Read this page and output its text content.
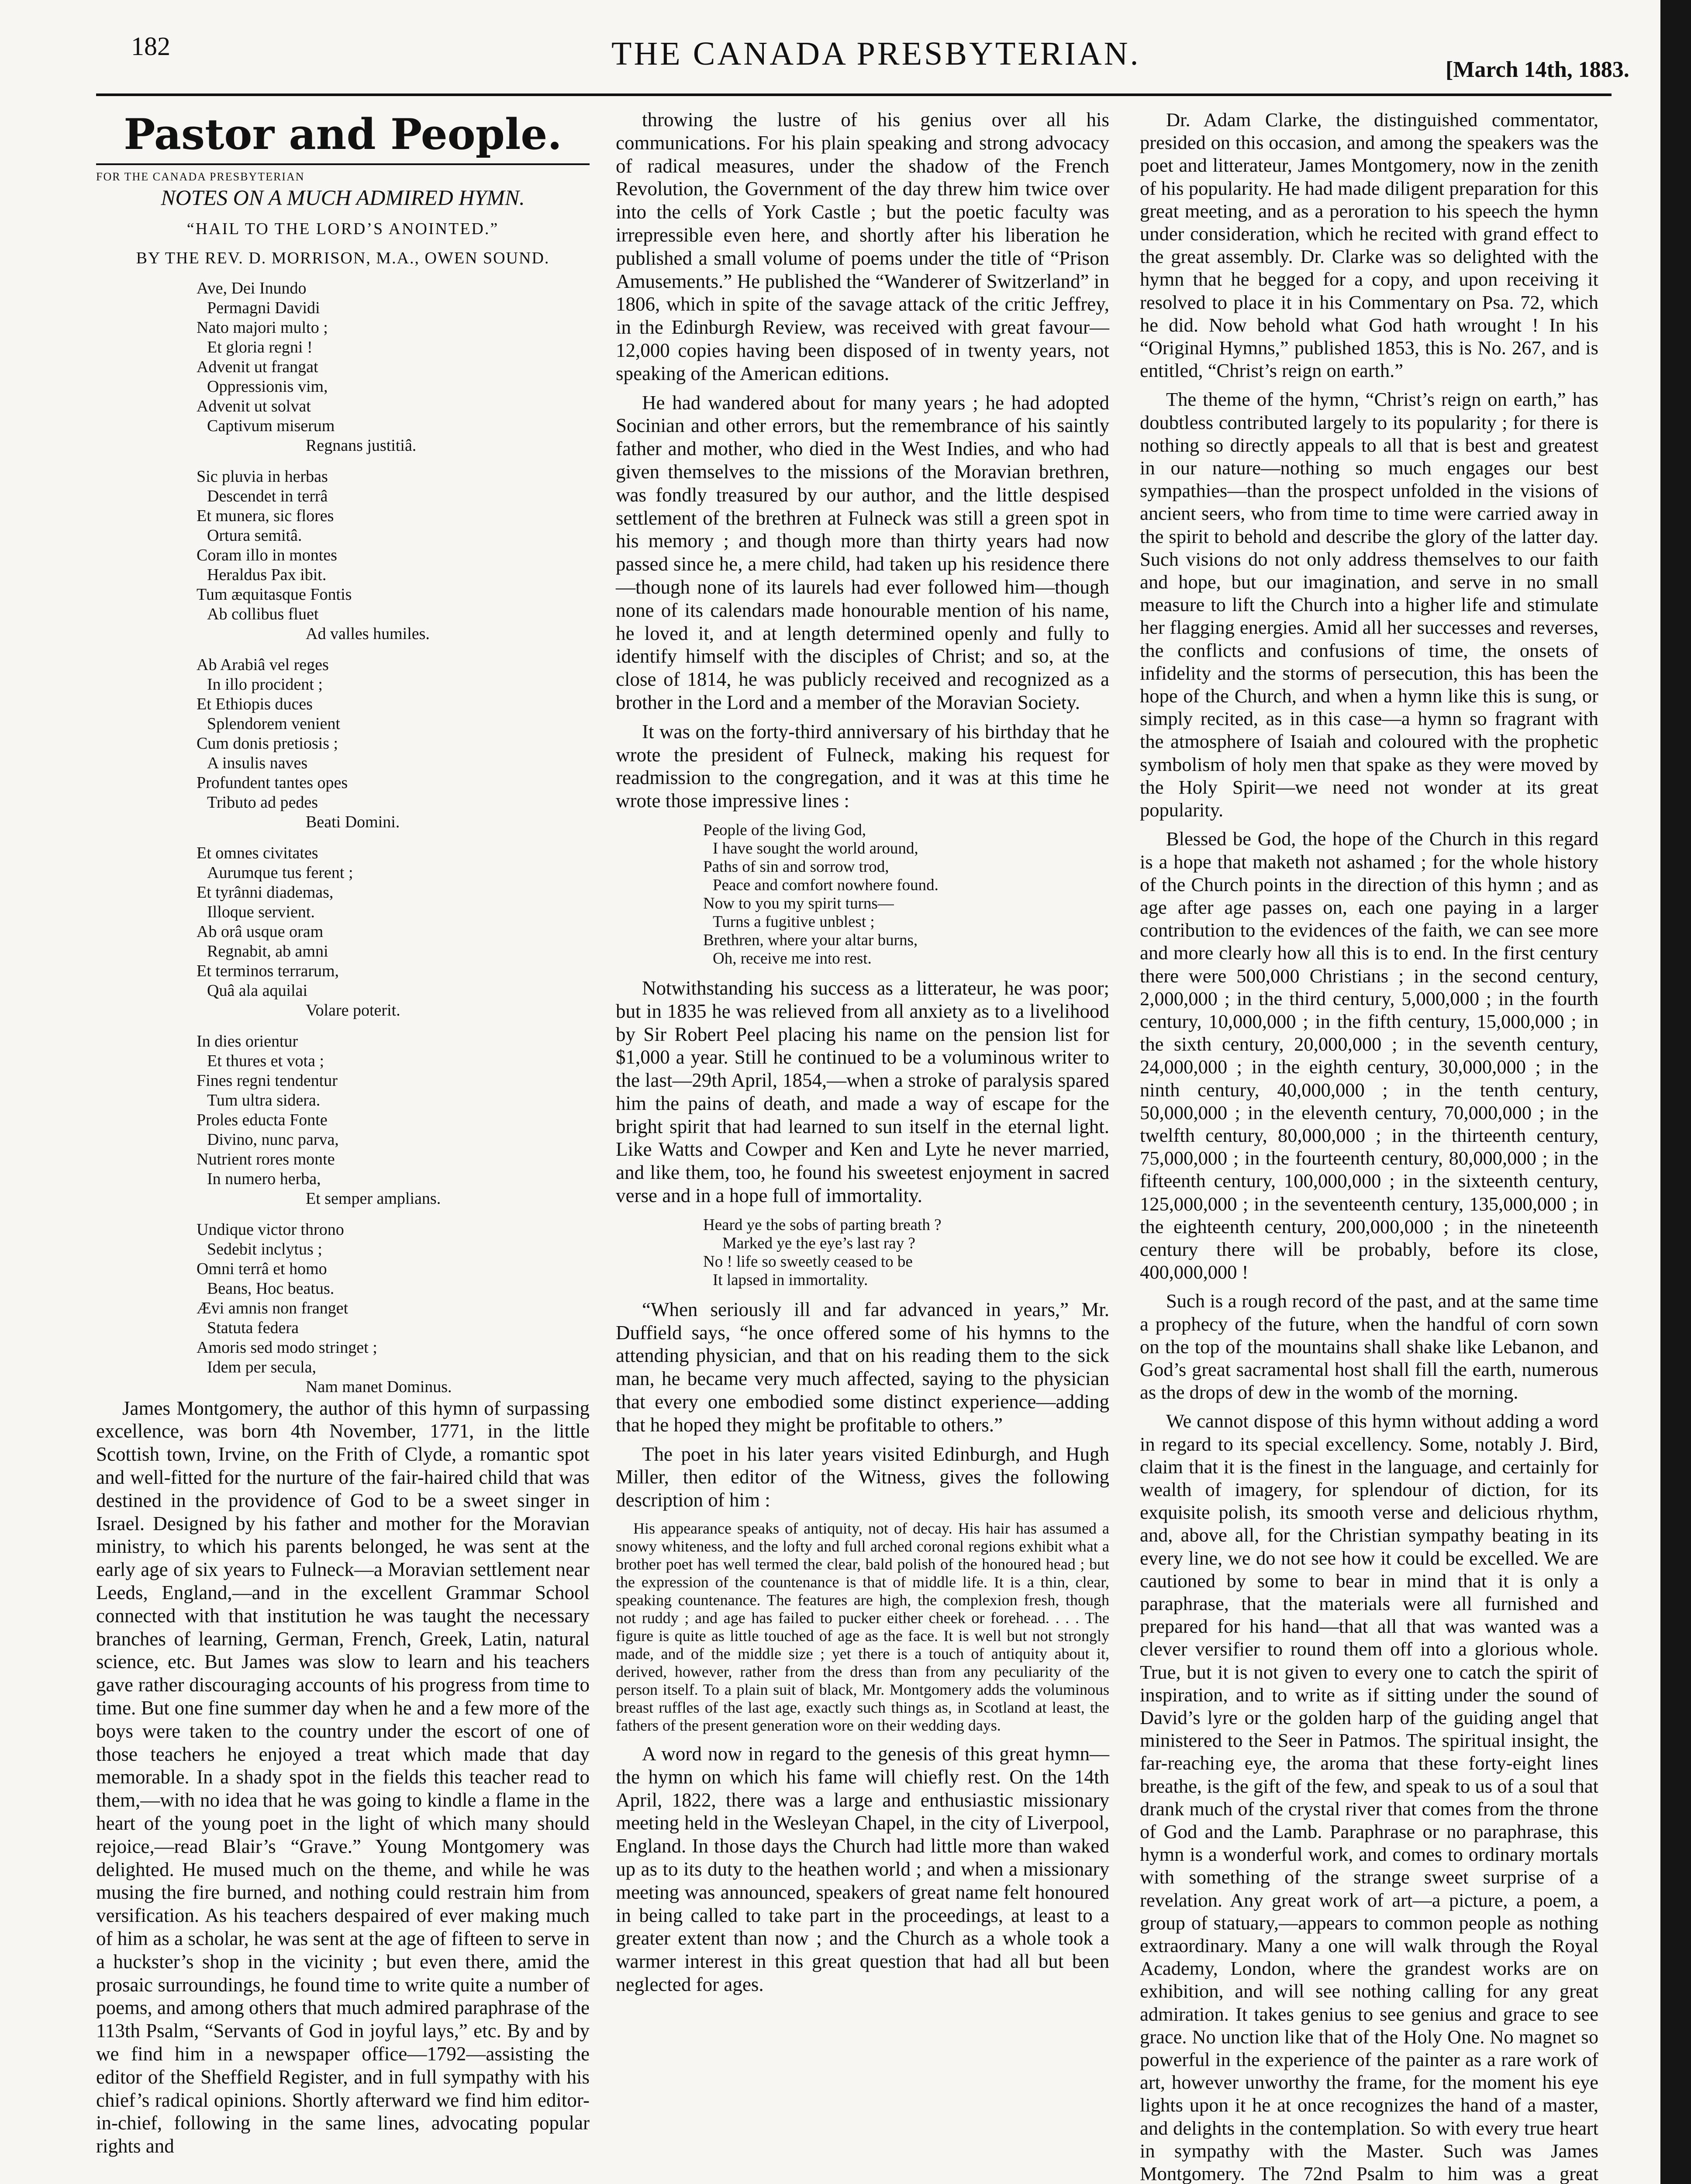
182	THE CANADA PRESBYTERIAN.	[March 14th, 1883.
Pastor and People.

FOR THE CANADA PRESBYTERIAN

NOTES ON A MUCH ADMIRED HYMN.

“HAIL TO THE LORD’S ANOINTED.”

BY THE REV. D. MORRISON, M.A., OWEN SOUND.

Ave, Dei Inundo
Permagni Davidi
Nato majori multo ;
Et gloria regni !
Advenit ut frangat
Oppressionis vim,
Advenit ut solvat
Captivum miserum
Regnans justitiâ.
Sic pluvia in herbas
Descendet in terrâ
Et munera, sic flores
Ortura semitâ.
Coram illo in montes
Heraldus Pax ibit.
Tum æquitasque Fontis
Ab collibus fluet
Ad valles humiles.
Ab Arabiâ vel reges
In illo procident ;
Et Ethiopis duces
Splendorem venient
Cum donis pretiosis ;
A insulis naves
Profundent tantes opes
Tributo ad pedes
Beati Domini.
Et omnes civitates
Aurumque tus ferent ;
Et tyrânni diademas,
Illoque servient.
Ab orâ usque oram
Regnabit, ab amni
Et terminos terrarum,
Quâ ala aquilai
Volare poterit.
In dies orientur
Et thures et vota ;
Fines regni tendentur
Tum ultra sidera.
Proles educta Fonte
Divino, nunc parva,
Nutrient rores monte
In numero herba,
Et semper amplians.
Undique victor throno
Sedebit inclytus ;
Omni terrâ et homo
Beans, Hoc beatus.
Ævi amnis non franget
Statuta federa
Amoris sed modo stringet ;
Idem per secula,
Nam manet Dominus.

James Montgomery, the author of this hymn of surpassing excellence, was born 4th November, 1771, in the little Scottish town, Irvine, on the Frith of Clyde, a romantic spot and well-fitted for the nurture of the fair-haired child that was destined in the providence of God to be a sweet singer in Israel. Designed by his father and mother for the Moravian ministry, to which his parents belonged, he was sent at the early age of six years to Fulneck—a Moravian settlement near Leeds, England,—and in the excellent Grammar School connected with that institution he was taught the necessary branches of learning, German, French, Greek, Latin, natural science, etc. But James was slow to learn and his teachers gave rather discouraging accounts of his progress from time to time. But one fine summer day when he and a few more of the boys were taken to the country under the escort of one of those teachers he enjoyed a treat which made that day memorable. In a shady spot in the fields this teacher read to them,—with no idea that he was going to kindle a flame in the heart of the young poet in the light of which many should rejoice,—read Blair’s “Grave.” Young Montgomery was delighted. He mused much on the theme, and while he was musing the fire burned, and nothing could restrain him from versification. As his teachers despaired of ever making much of him as a scholar, he was sent at the age of fifteen to serve in a huckster’s shop in the vicinity ; but even there, amid the prosaic surroundings, he found time to write quite a number of poems, and among others that much admired paraphrase of the 113th Psalm, “Servants of God in joyful lays,” etc. By and by we find him in a newspaper office—1792—assisting the editor of the Sheffield Register, and in full sympathy with his chief’s radical opinions. Shortly afterward we find him editor-in-chief, following in the same lines, advocating popular rights and

throwing the lustre of his genius over all his communications. For his plain speaking and strong advocacy of radical measures, under the shadow of the French Revolution, the Government of the day threw him twice over into the cells of York Castle ; but the poetic faculty was irrepressible even here, and shortly after his liberation he published a small volume of poems under the title of “Prison Amusements.” He published the “Wanderer of Switzerland” in 1806, which in spite of the savage attack of the critic Jeffrey, in the Edinburgh Review, was received with great favour—12,000 copies having been disposed of in twenty years, not speaking of the American editions.

He had wandered about for many years ; he had adopted Socinian and other errors, but the remembrance of his saintly father and mother, who died in the West Indies, and who had given themselves to the missions of the Moravian brethren, was fondly treasured by our author, and the little despised settlement of the brethren at Fulneck was still a green spot in his memory ; and though more than thirty years had now passed since he, a mere child, had taken up his residence there—though none of its laurels had ever followed him—though none of its calendars made honourable mention of his name, he loved it, and at length determined openly and fully to identify himself with the disciples of Christ; and so, at the close of 1814, he was publicly received and recognized as a brother in the Lord and a member of the Moravian Society.

It was on the forty-third anniversary of his birthday that he wrote the president of Fulneck, making his request for readmission to the congregation, and it was at this time he wrote those impressive lines :

People of the living God,
I have sought the world around,
Paths of sin and sorrow trod,
Peace and comfort nowhere found.
Now to you my spirit turns—
Turns a fugitive unblest ;
Brethren, where your altar burns,
Oh, receive me into rest.

Notwithstanding his success as a litterateur, he was poor; but in 1835 he was relieved from all anxiety as to a livelihood by Sir Robert Peel placing his name on the pension list for $1,000 a year. Still he continued to be a voluminous writer to the last—29th April, 1854,—when a stroke of paralysis spared him the pains of death, and made a way of escape for the bright spirit that had learned to sun itself in the eternal light. Like Watts and Cowper and Ken and Lyte he never married, and like them, too, he found his sweetest enjoyment in sacred verse and in a hope full of immortality.

Heard ye the sobs of parting breath ?
Marked ye the eye’s last ray ?
No ! life so sweetly ceased to be
It lapsed in immortality.

“When seriously ill and far advanced in years,” Mr. Duffield says, “he once offered some of his hymns to the attending physician, and that on his reading them to the sick man, he became very much affected, saying to the physician that every one embodied some distinct experience—adding that he hoped they might be profitable to others.”

The poet in his later years visited Edinburgh, and Hugh Miller, then editor of the Witness, gives the following description of him :

His appearance speaks of antiquity, not of decay. His hair has assumed a snowy whiteness, and the lofty and full arched coronal regions exhibit what a brother poet has well termed the clear, bald polish of the honoured head ; but the expression of the countenance is that of middle life. It is a thin, clear, speaking countenance. The features are high, the complexion fresh, though not ruddy ; and age has failed to pucker either cheek or forehead. . . . The figure is quite as little touched of age as the face. It is well but not strongly made, and of the middle size ; yet there is a touch of antiquity about it, derived, however, rather from the dress than from any peculiarity of the person itself. To a plain suit of black, Mr. Montgomery adds the voluminous breast ruffles of the last age, exactly such things as, in Scotland at least, the fathers of the present generation wore on their wedding days.

A word now in regard to the genesis of this great hymn—the hymn on which his fame will chiefly rest. On the 14th April, 1822, there was a large and enthusiastic missionary meeting held in the Wesleyan Chapel, in the city of Liverpool, England. In those days the Church had little more than waked up as to its duty to the heathen world ; and when a missionary meeting was announced, speakers of great name felt honoured in being called to take part in the proceedings, at least to a greater extent than now ; and the Church as a whole took a warmer interest in this great question that had all but been neglected for ages.

Dr. Adam Clarke, the distinguished commentator, presided on this occasion, and among the speakers was the poet and litterateur, James Montgomery, now in the zenith of his popularity. He had made diligent preparation for this great meeting, and as a peroration to his speech the hymn under consideration, which he recited with grand effect to the great assembly. Dr. Clarke was so delighted with the hymn that he begged for a copy, and upon receiving it resolved to place it in his Commentary on Psa. 72, which he did. Now behold what God hath wrought ! In his “Original Hymns,” published 1853, this is No. 267, and is entitled, “Christ’s reign on earth.”

The theme of the hymn, “Christ’s reign on earth,” has doubtless contributed largely to its popularity ; for there is nothing so directly appeals to all that is best and greatest in our nature—nothing so much engages our best sympathies—than the prospect unfolded in the visions of ancient seers, who from time to time were carried away in the spirit to behold and describe the glory of the latter day. Such visions do not only address themselves to our faith and hope, but our imagination, and serve in no small measure to lift the Church into a higher life and stimulate her flagging energies. Amid all her successes and reverses, the conflicts and confusions of time, the onsets of infidelity and the storms of persecution, this has been the hope of the Church, and when a hymn like this is sung, or simply recited, as in this case—a hymn so fragrant with the atmosphere of Isaiah and coloured with the prophetic symbolism of holy men that spake as they were moved by the Holy Spirit—we need not wonder at its great popularity.

Blessed be God, the hope of the Church in this regard is a hope that maketh not ashamed ; for the whole history of the Church points in the direction of this hymn ; and as age after age passes on, each one paying in a larger contribution to the evidences of the faith, we can see more and more clearly how all this is to end. In the first century there were 500,000 Christians ; in the second century, 2,000,000 ; in the third century, 5,000,000 ; in the fourth century, 10,000,000 ; in the fifth century, 15,000,000 ; in the sixth century, 20,000,000 ; in the seventh century, 24,000,000 ; in the eighth century, 30,000,000 ; in the ninth century, 40,000,000 ; in the tenth century, 50,000,000 ; in the eleventh century, 70,000,000 ; in the twelfth century, 80,000,000 ; in the thirteenth century, 75,000,000 ; in the fourteenth century, 80,000,000 ; in the fifteenth century, 100,000,000 ; in the sixteenth century, 125,000,000 ; in the seventeenth century, 135,000,000 ; in the eighteenth century, 200,000,000 ; in the nineteenth century there will be probably, before its close, 400,000,000 !

Such is a rough record of the past, and at the same time a prophecy of the future, when the handful of corn sown on the top of the mountains shall shake like Lebanon, and God’s great sacramental host shall fill the earth, numerous as the drops of dew in the womb of the morning.

We cannot dispose of this hymn without adding a word in regard to its special excellency. Some, notably J. Bird, claim that it is the finest in the language, and certainly for wealth of imagery, for splendour of diction, for its exquisite polish, its smooth verse and delicious rhythm, and, above all, for the Christian sympathy beating in its every line, we do not see how it could be excelled. We are cautioned by some to bear in mind that it is only a paraphrase, that the materials were all furnished and prepared for his hand—that all that was wanted was a clever versifier to round them off into a glorious whole. True, but it is not given to every one to catch the spirit of inspiration, and to write as if sitting under the sound of David’s lyre or the golden harp of the guiding angel that ministered to the Seer in Patmos. The spiritual insight, the far-reaching eye, the aroma that these forty-eight lines breathe, is the gift of the few, and speak to us of a soul that drank much of the crystal river that comes from the throne of God and the Lamb. Paraphrase or no paraphrase, this hymn is a wonderful work, and comes to ordinary mortals with something of the strange sweet surprise of a revelation. Any great work of art—a picture, a poem, a group of statuary,—appears to common people as nothing extraordinary. Many a one will walk through the Royal Academy, London, where the grandest works are on exhibition, and will see nothing calling for any great admiration. It takes genius to see genius and grace to see grace. No unction like that of the Holy One. No magnet so powerful in the experience of the painter as a rare work of art, however unworthy the frame, for the moment his eye lights upon it he at once recognizes the hand of a master, and delights in the contemplation. So with every true heart in sympathy with the Master. Such was James Montgomery. The 72nd Psalm to him was a great
